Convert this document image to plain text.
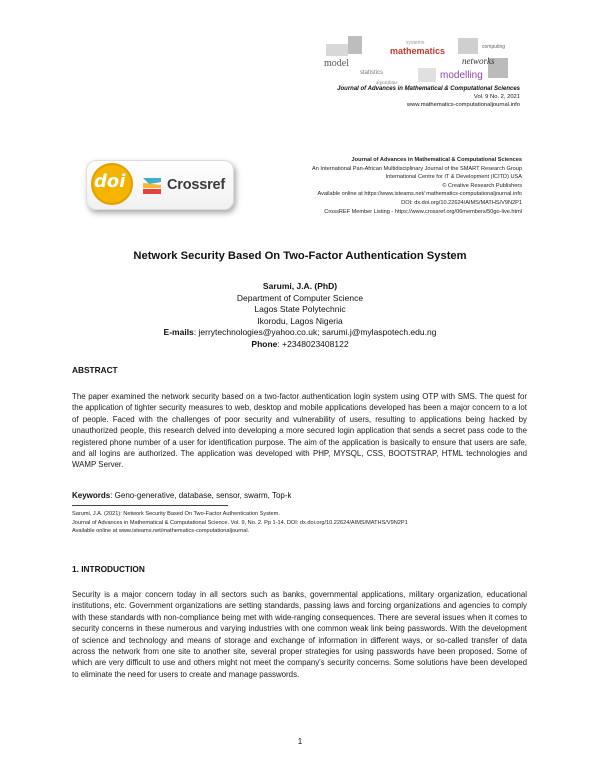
model
mathematics
networks
modelling
statistics
systems
algorithms
computing
Journal of Advances in Mathematical & Computational Sciences
Vol. 9 No. 2, 2021
www.mathematics-computationaljournal.info
doi	Crossref
Journal of Advances in Mathematical & Computational Sciences
An International Pan-African Multidisciplinary Journal of the SMART Research Group
International Centre for IT & Development (ICITD) USA
© Creative Research Publishers
Available online at https://www.isteams.net/ mathematics-computationaljournal.info
DOI: dx.doi.org/10.22624/AIMS/MATHS/V9N2P1
CrossREF Member Listing - https://www.crossref.org/06members/50go-live.html
Network Security Based On Two-Factor Authentication System
Sarumi, J.A. (PhD)
Department of Computer Science
Lagos State Polytechnic
Ikorodu, Lagos Nigeria
E-mails: jerrytechnologies@yahoo.co.uk; sarumi.j@mylaspotech.edu.ng
Phone: +2348023408122
ABSTRACT
The paper examined the network security based on a two-factor authentication login system using OTP with SMS. The quest for the application of tighter security measures to web, desktop and mobile applications developed has been a major concern to a lot of people. Faced with the challenges of poor security and vulnerability of users, resulting to applications being hacked by unauthorized people, this research delved into developing a more secured login application that sends a secret pass code to the registered phone number of a user for identification purpose. The aim of the application is basically to ensure that users are safe, and all logins are authorized. The application was developed with PHP, MYSQL, CSS, BOOTSTRAP, HTML technologies and WAMP Server.
Keywords: Geno-generative, database, sensor, swarm, Top-k
Sarumi, J.A. (2021): Network Security Based On Two-Factor Authentication System.
Journal of Advances in Mathematical & Computational Science. Vol. 9, No. 2. Pp 1-14. DOI: dx.doi.org/10.22624/AIMS/MATHS/V9N2P1
Available online at www.isteams.net/mathematics-computationaljournal.
1. INTRODUCTION
Security is a major concern today in all sectors such as banks, governmental applications, military organization, educational institutions, etc. Government organizations are setting standards, passing laws and forcing organizations and agencies to comply with these standards with non-compliance being met with wide-ranging consequences. There are several issues when it comes to security concerns in these numerous and varying industries with one common weak link being passwords. With the development of science and technology and means of storage and exchange of information in different ways, or so-called transfer of data across the network from one site to another site, several proper strategies for using passwords have been proposed. Some of which are very difficult to use and others might not meet the company's security concerns. Some solutions have been developed to eliminate the need for users to create and manage passwords.
1
